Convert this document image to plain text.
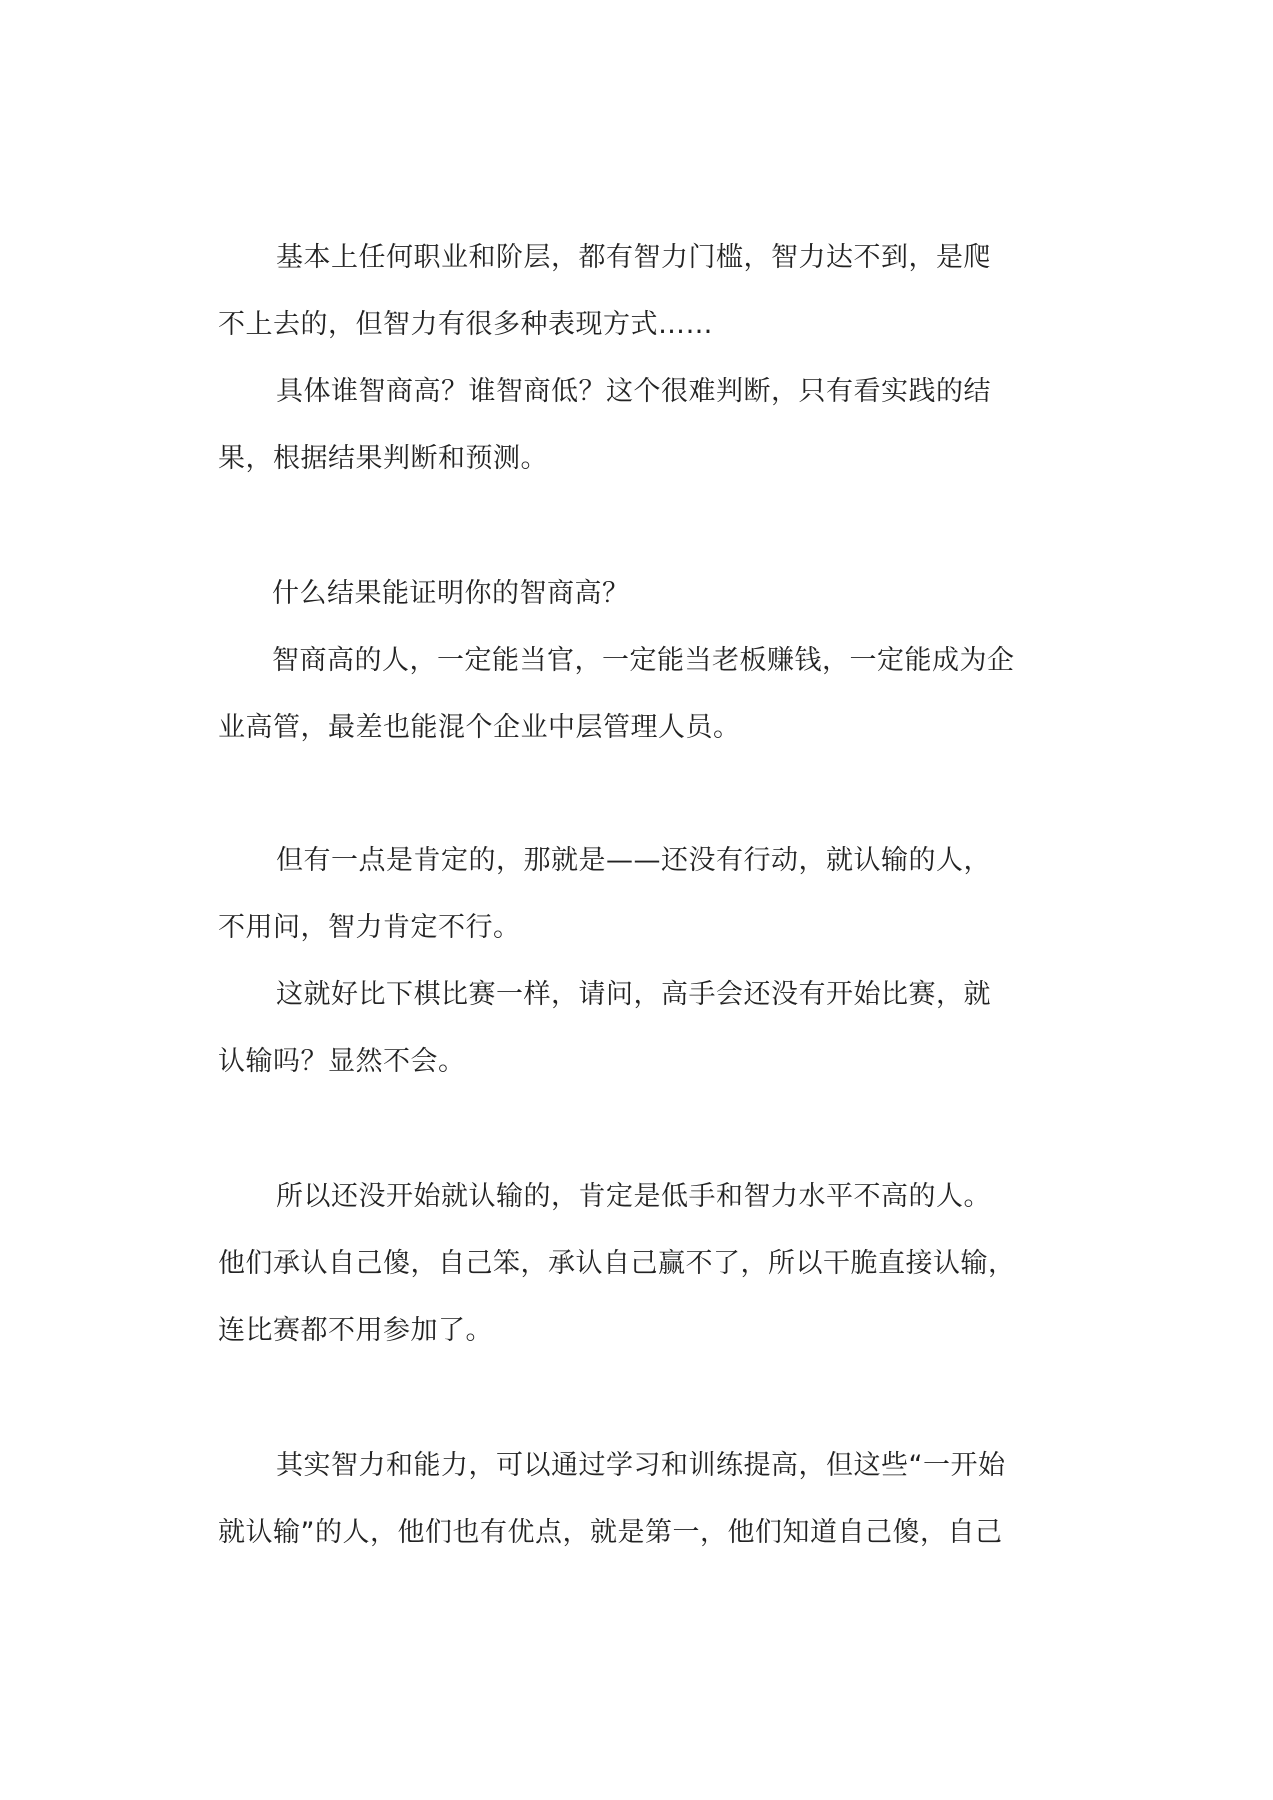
基本上任何职业和阶层，都有智力门槛，智力达不到，是爬
不上去的，但智力有很多种表现方式……
具体谁智商高？谁智商低？这个很难判断，只有看实践的结
果，根据结果判断和预测。
什么结果能证明你的智商高？
智商高的人，一定能当官，一定能当老板赚钱，一定能成为企
业高管，最差也能混个企业中层管理人员。
但有一点是肯定的，那就是——还没有行动，就认输的人，
不用问，智力肯定不行。
这就好比下棋比赛一样，请问，高手会还没有开始比赛，就
认输吗？显然不会。
所以还没开始就认输的，肯定是低手和智力水平不高的人。
他们承认自己傻，自己笨，承认自己赢不了，所以干脆直接认输，
连比赛都不用参加了。
其实智力和能力，可以通过学习和训练提高，但这些“一开始
就认输”的人，他们也有优点，就是第一，他们知道自己傻，自己
